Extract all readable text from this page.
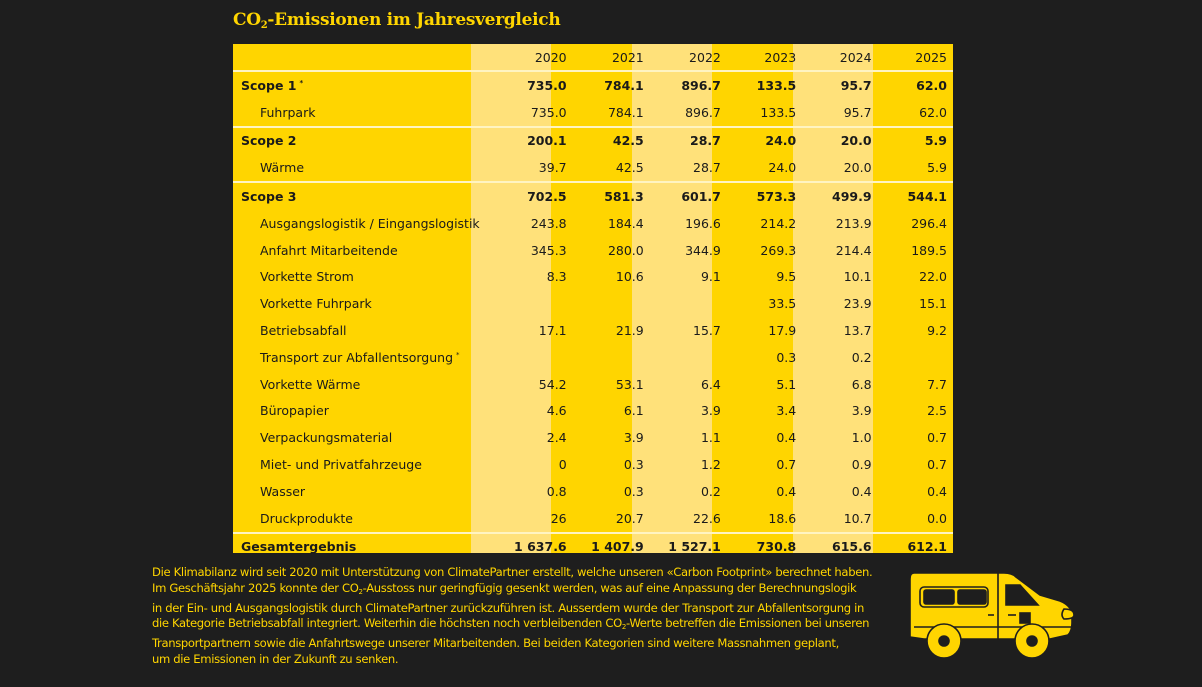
$CO_2$-Emissionen im Jahresvergleich
	2020	2021	2022	2023	2024	2025
Scope 1 *	735.0	784.1	896.7	133.5	95.7	62.0
Fuhrpark	735.0	784.1	896.7	133.5	95.7	62.0
Scope 2	200.1	42.5	28.7	24.0	20.0	5.9
Wärme	39.7	42.5	28.7	24.0	20.0	5.9
Scope 3	702.5	581.3	601.7	573.3	499.9	544.1
Ausgangslogistik / Eingangslogistik	243.8	184.4	196.6	214.2	213.9	296.4
Anfahrt Mitarbeitende	345.3	280.0	344.9	269.3	214.4	189.5
Vorkette Strom	8.3	10.6	9.1	9.5	10.1	22.0
Vorkette Fuhrpark				33.5	23.9	15.1
Betriebsabfall	17.1	21.9	15.7	17.9	13.7	9.2
Transport zur Abfallentsorgung *				0.3	0.2	
Vorkette Wärme	54.2	53.1	6.4	5.1	6.8	7.7
Büropapier	4.6	6.1	3.9	3.4	3.9	2.5
Verpackungsmaterial	2.4	3.9	1.1	0.4	1.0	0.7
Miet- und Privatfahrzeuge	0	0.3	1.2	0.7	0.9	0.7
Wasser	0.8	0.3	0.2	0.4	0.4	0.4
Druckprodukte	26	20.7	22.6	18.6	10.7	0.0
Gesamtergebnis	1 637.6	1 407.9	1 527.1	730.8	615.6	612.1
Die Klimabilanz wird seit 2020 mit Unterstützung von ClimatePartner erstellt, welche unseren «Carbon Footprint» berechnet haben.
Im Geschäftsjahr 2025 konnte der $CO_2$-Ausstoss nur geringfügig gesenkt werden, was auf eine Anpassung der Berechnungslogik
in der Ein- und Ausgangslogistik durch ClimatePartner zurückzuführen ist. Ausserdem wurde der Transport zur Abfallentsorgung in
die Kategorie Betriebsabfall integriert. Weiterhin die höchsten noch verbleibenden $CO_2$-Werte betreffen die Emissionen bei unseren
Transportpartnern sowie die Anfahrtswege unserer Mitarbeitenden. Bei beiden Kategorien sind weitere Massnahmen geplant,
um die Emissionen in der Zukunft zu senken.
